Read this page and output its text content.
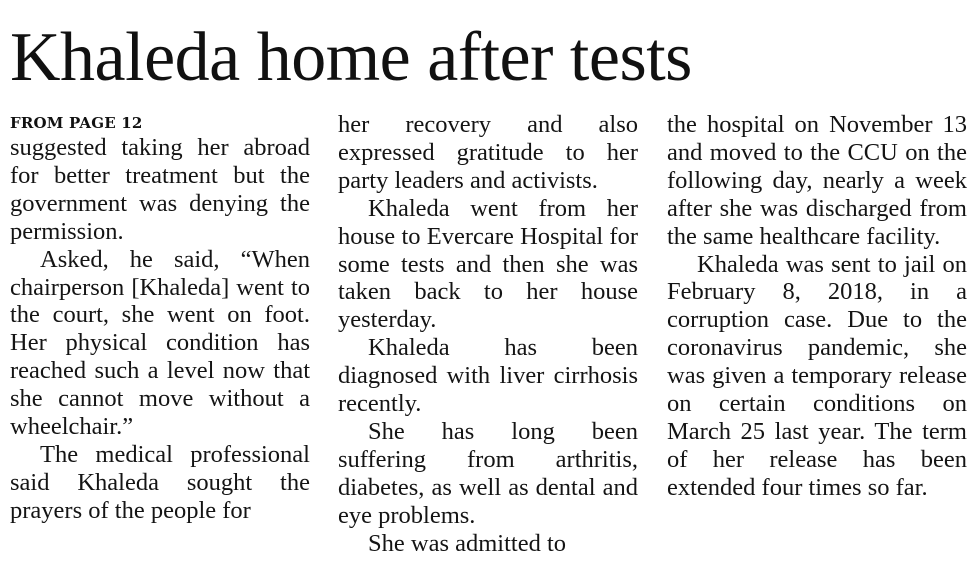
Khaleda home after tests
FROM PAGE 12

suggested taking her abroad for better treatment but the government was denying the permission.

Asked, he said, “When chairperson [Khaleda] went to the court, she went on foot. Her physical condition has reached such a level now that she cannot move without a wheelchair.”

The medical professional said Khaleda sought the prayers of the people for

her recovery and also expressed gratitude to her party leaders and activists.

Khaleda went from her house to Evercare Hospital for some tests and then she was taken back to her house yesterday.

Khaleda has been diagnosed with liver cirrhosis recently.

She has long been suffering from arthritis, diabetes, as well as dental and eye problems.

She was admitted to

the hospital on November 13 and moved to the CCU on the following day, nearly a week after she was discharged from the same healthcare facility.

Khaleda was sent to jail on February 8, 2018, in a corruption case. Due to the coronavirus pandemic, she was given a temporary release on certain conditions on March 25 last year. The term of her release has been extended four times so far.
